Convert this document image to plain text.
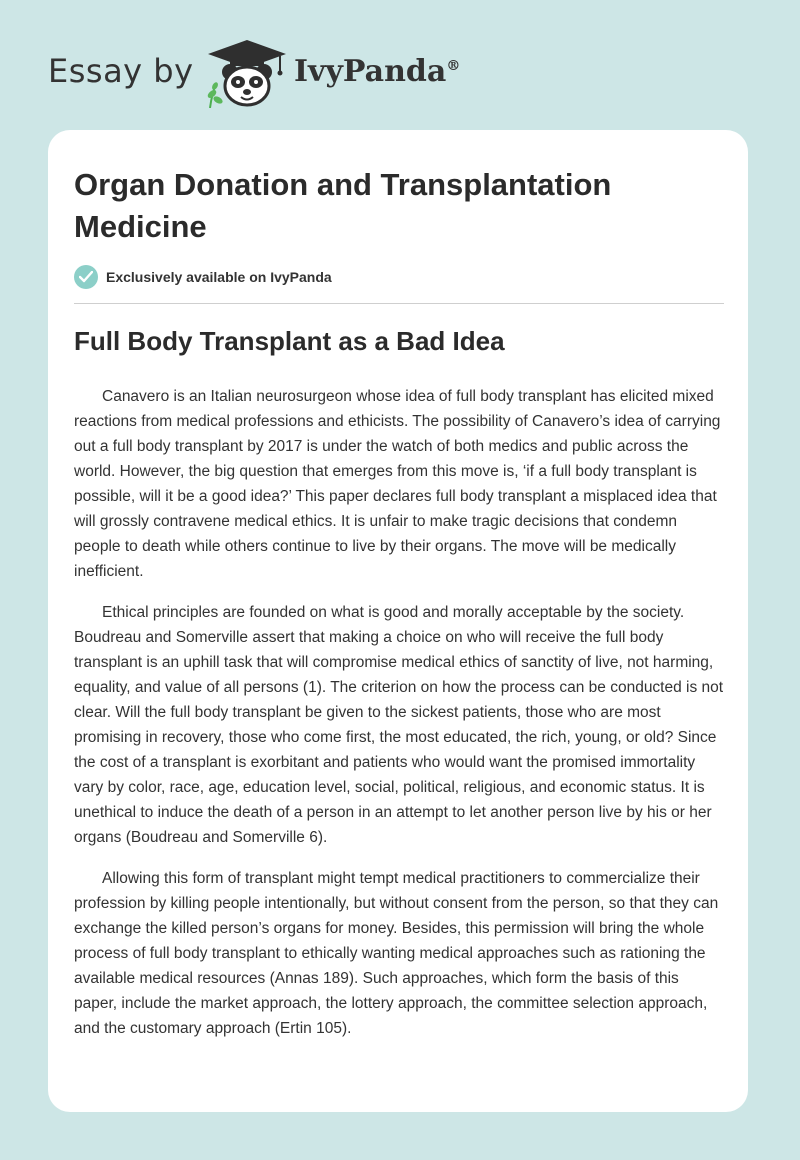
Essay by	IvyPanda®
Organ Donation and Transplantation Medicine
Exclusively available on IvyPanda
Full Body Transplant as a Bad Idea

Canavero is an Italian neurosurgeon whose idea of full body transplant has elicited mixed reactions from medical professions and ethicists. The possibility of Canavero’s idea of carrying out a full body transplant by 2017 is under the watch of both medics and public across the world. However, the big question that emerges from this move is, ‘if a full body transplant is possible, will it be a good idea?’ This paper declares full body transplant a misplaced idea that will grossly contravene medical ethics. It is unfair to make tragic decisions that condemn people to death while others continue to live by their organs. The move will be medically inefficient.

Ethical principles are founded on what is good and morally acceptable by the society. Boudreau and Somerville assert that making a choice on who will receive the full body transplant is an uphill task that will compromise medical ethics of sanctity of live, not harming, equality, and value of all persons (1). The criterion on how the process can be conducted is not clear. Will the full body transplant be given to the sickest patients, those who are most promising in recovery, those who come first, the most educated, the rich, young, or old? Since the cost of a transplant is exorbitant and patients who would want the promised immortality vary by color, race, age, education level, social, political, religious, and economic status. It is unethical to induce the death of a person in an attempt to let another person live by his or her organs (Boudreau and Somerville 6).

Allowing this form of transplant might tempt medical practitioners to commercialize their profession by killing people intentionally, but without consent from the person, so that they can exchange the killed person’s organs for money. Besides, this permission will bring the whole process of full body transplant to ethically wanting medical approaches such as rationing the available medical resources (Annas 189). Such approaches, which form the basis of this paper, include the market approach, the lottery approach, the committee selection approach, and the customary approach (Ertin 105).
